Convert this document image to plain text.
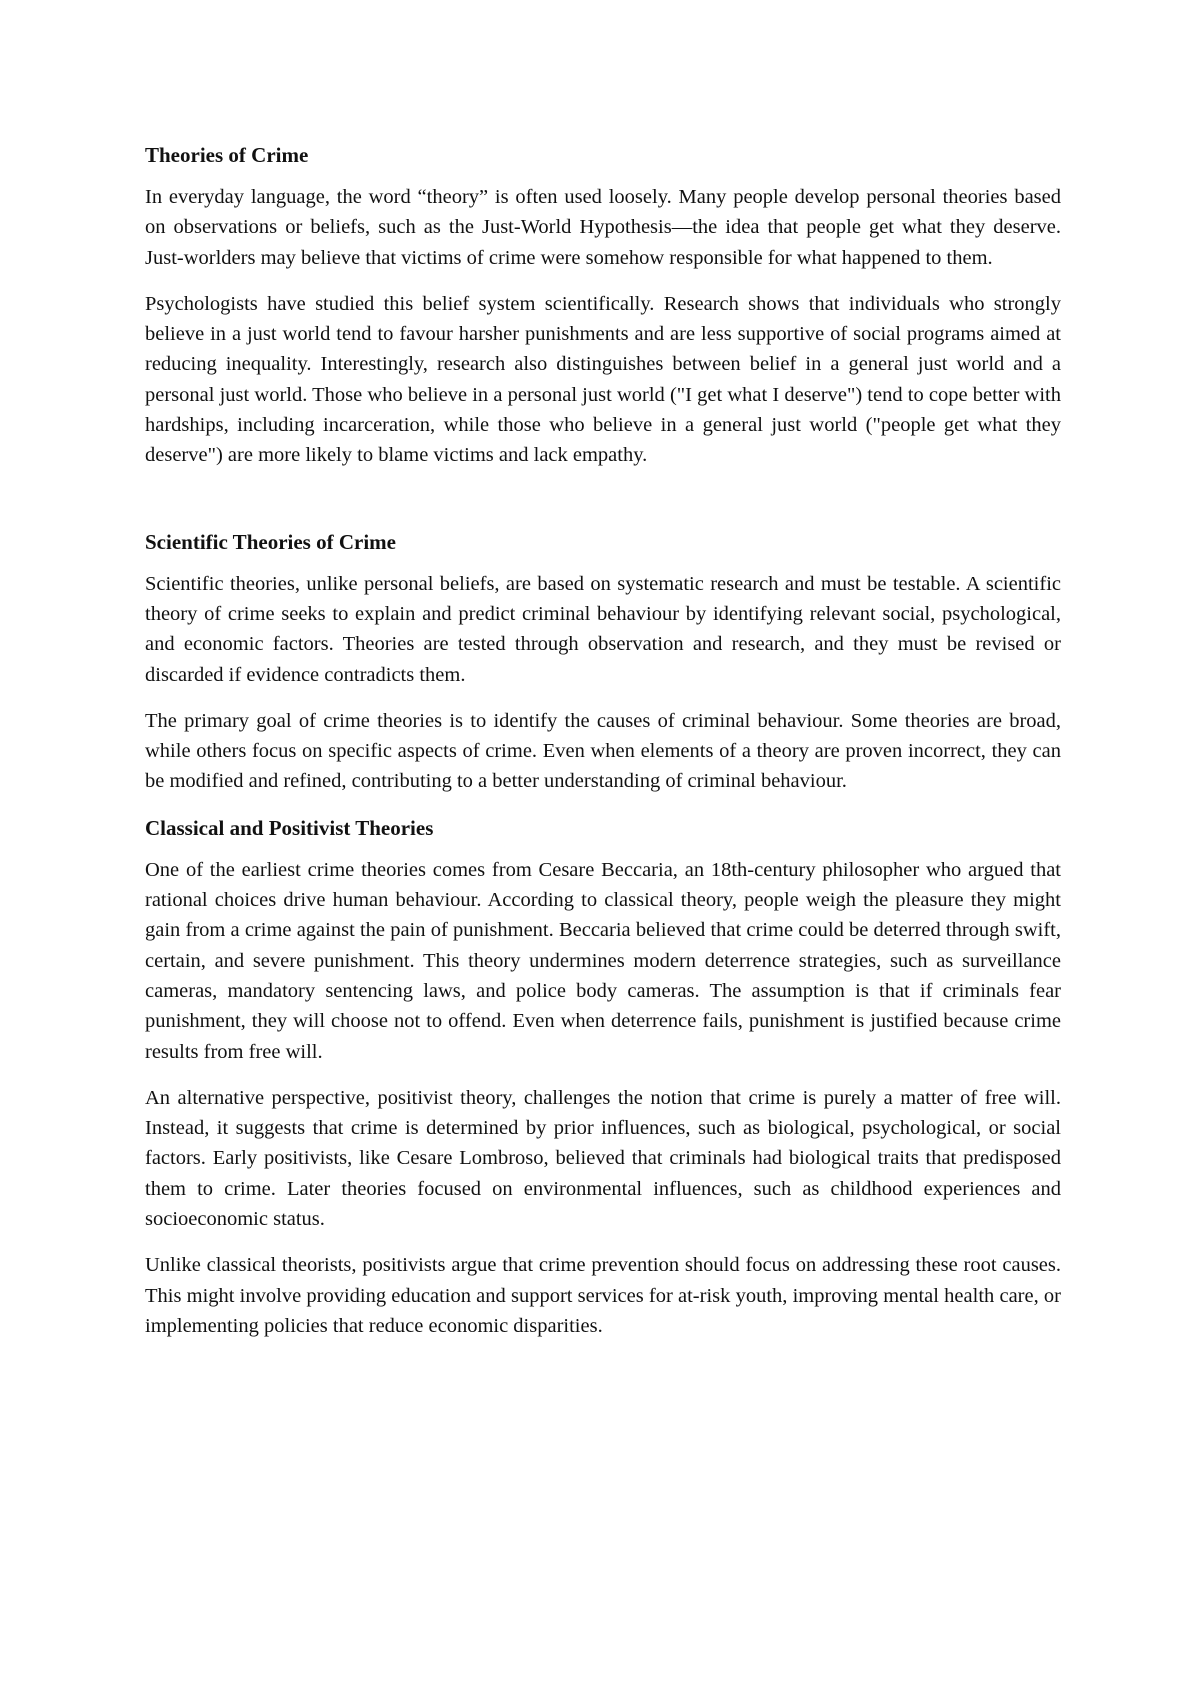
Theories of Crime
In everyday language, the word “theory” is often used loosely. Many people develop personal theories based on observations or beliefs, such as the Just-World Hypothesis—the idea that people get what they deserve. Just-worlders may believe that victims of crime were somehow responsible for what happened to them.
Psychologists have studied this belief system scientifically. Research shows that individuals who strongly believe in a just world tend to favour harsher punishments and are less supportive of social programs aimed at reducing inequality. Interestingly, research also distinguishes between belief in a general just world and a personal just world. Those who believe in a personal just world ("I get what I deserve") tend to cope better with hardships, including incarceration, while those who believe in a general just world ("people get what they deserve") are more likely to blame victims and lack empathy.
Scientific Theories of Crime
Scientific theories, unlike personal beliefs, are based on systematic research and must be testable. A scientific theory of crime seeks to explain and predict criminal behaviour by identifying relevant social, psychological, and economic factors. Theories are tested through observation and research, and they must be revised or discarded if evidence contradicts them.
The primary goal of crime theories is to identify the causes of criminal behaviour. Some theories are broad, while others focus on specific aspects of crime. Even when elements of a theory are proven incorrect, they can be modified and refined, contributing to a better understanding of criminal behaviour.
Classical and Positivist Theories
One of the earliest crime theories comes from Cesare Beccaria, an 18th-century philosopher who argued that rational choices drive human behaviour. According to classical theory, people weigh the pleasure they might gain from a crime against the pain of punishment. Beccaria believed that crime could be deterred through swift, certain, and severe punishment. This theory undermines modern deterrence strategies, such as surveillance cameras, mandatory sentencing laws, and police body cameras. The assumption is that if criminals fear punishment, they will choose not to offend. Even when deterrence fails, punishment is justified because crime results from free will.
An alternative perspective, positivist theory, challenges the notion that crime is purely a matter of free will. Instead, it suggests that crime is determined by prior influences, such as biological, psychological, or social factors. Early positivists, like Cesare Lombroso, believed that criminals had biological traits that predisposed them to crime. Later theories focused on environmental influences, such as childhood experiences and socioeconomic status.
Unlike classical theorists, positivists argue that crime prevention should focus on addressing these root causes. This might involve providing education and support services for at-risk youth, improving mental health care, or implementing policies that reduce economic disparities.
